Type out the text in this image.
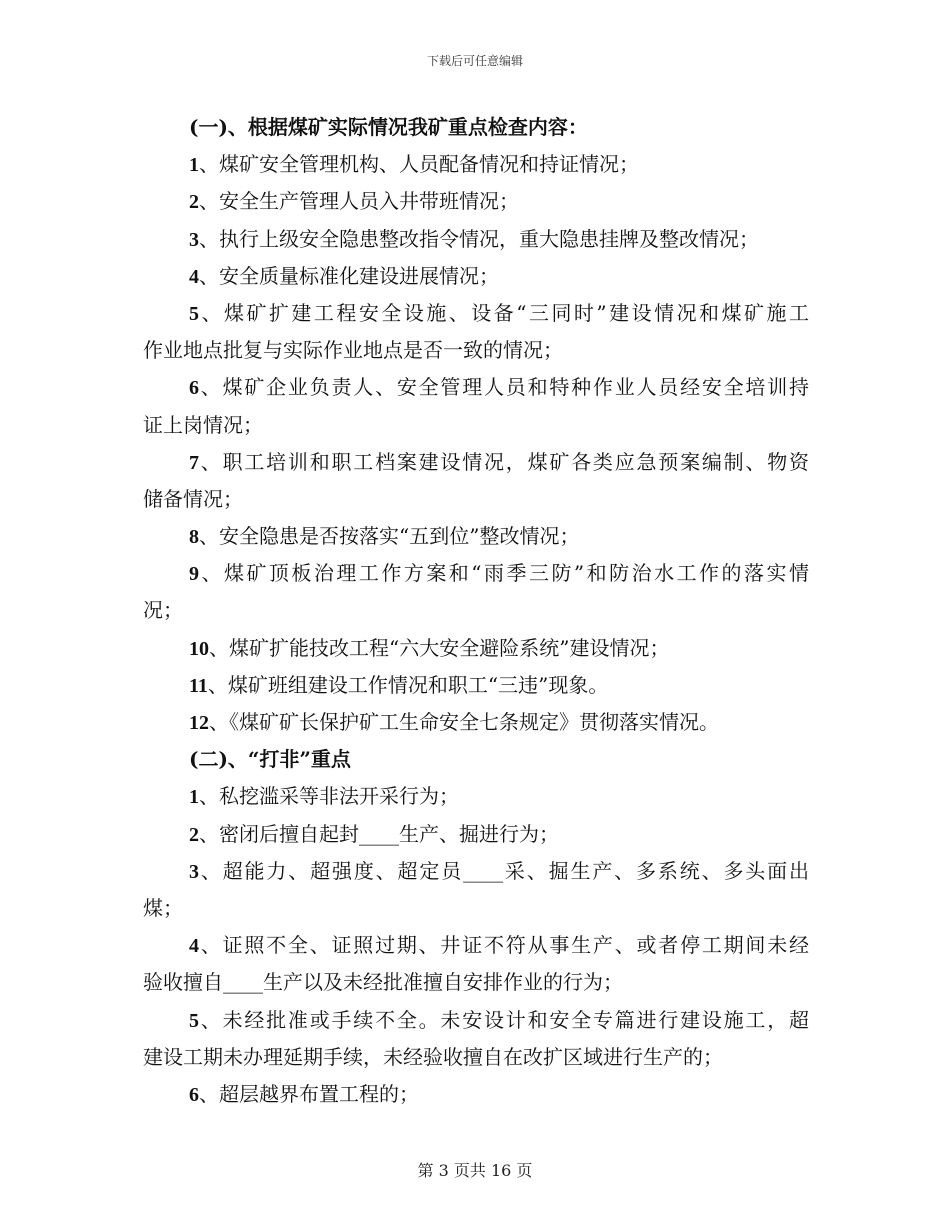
下载后可任意编辑
(一)、根据煤矿实际情况我矿重点检查内容：
1、煤矿安全管理机构、人员配备情况和持证情况；
2、安全生产管理人员入井带班情况；
3、执行上级安全隐患整改指令情况，重大隐患挂牌及整改情况；
4、安全质量标准化建设进展情况；
5、煤矿扩建工程安全设施、设备“三同时”建设情况和煤矿施工
作业地点批复与实际作业地点是否一致的情况；
6、煤矿企业负责人、安全管理人员和特种作业人员经安全培训持
证上岗情况；
7、职工培训和职工档案建设情况，煤矿各类应急预案编制、物资
储备情况；
8、安全隐患是否按落实“五到位”整改情况；
9、煤矿顶板治理工作方案和“雨季三防”和防治水工作的落实情
况；
10、煤矿扩能技改工程“六大安全避险系统”建设情况；
11、煤矿班组建设工作情况和职工“三违”现象。
12、《煤矿矿长保护矿工生命安全七条规定》贯彻落实情况。
(二)、“打非”重点
1、私挖滥采等非法开采行为；
2、密闭后擅自起封____生产、掘进行为；
3、超能力、超强度、超定员____采、掘生产、多系统、多头面出
煤；
4、证照不全、证照过期、井证不符从事生产、或者停工期间未经
验收擅自____生产以及未经批准擅自安排作业的行为；
5、未经批准或手续不全。未安设计和安全专篇进行建设施工，超
建设工期未办理延期手续，未经验收擅自在改扩区域进行生产的；
6、超层越界布置工程的；
第 3 页共 16 页
